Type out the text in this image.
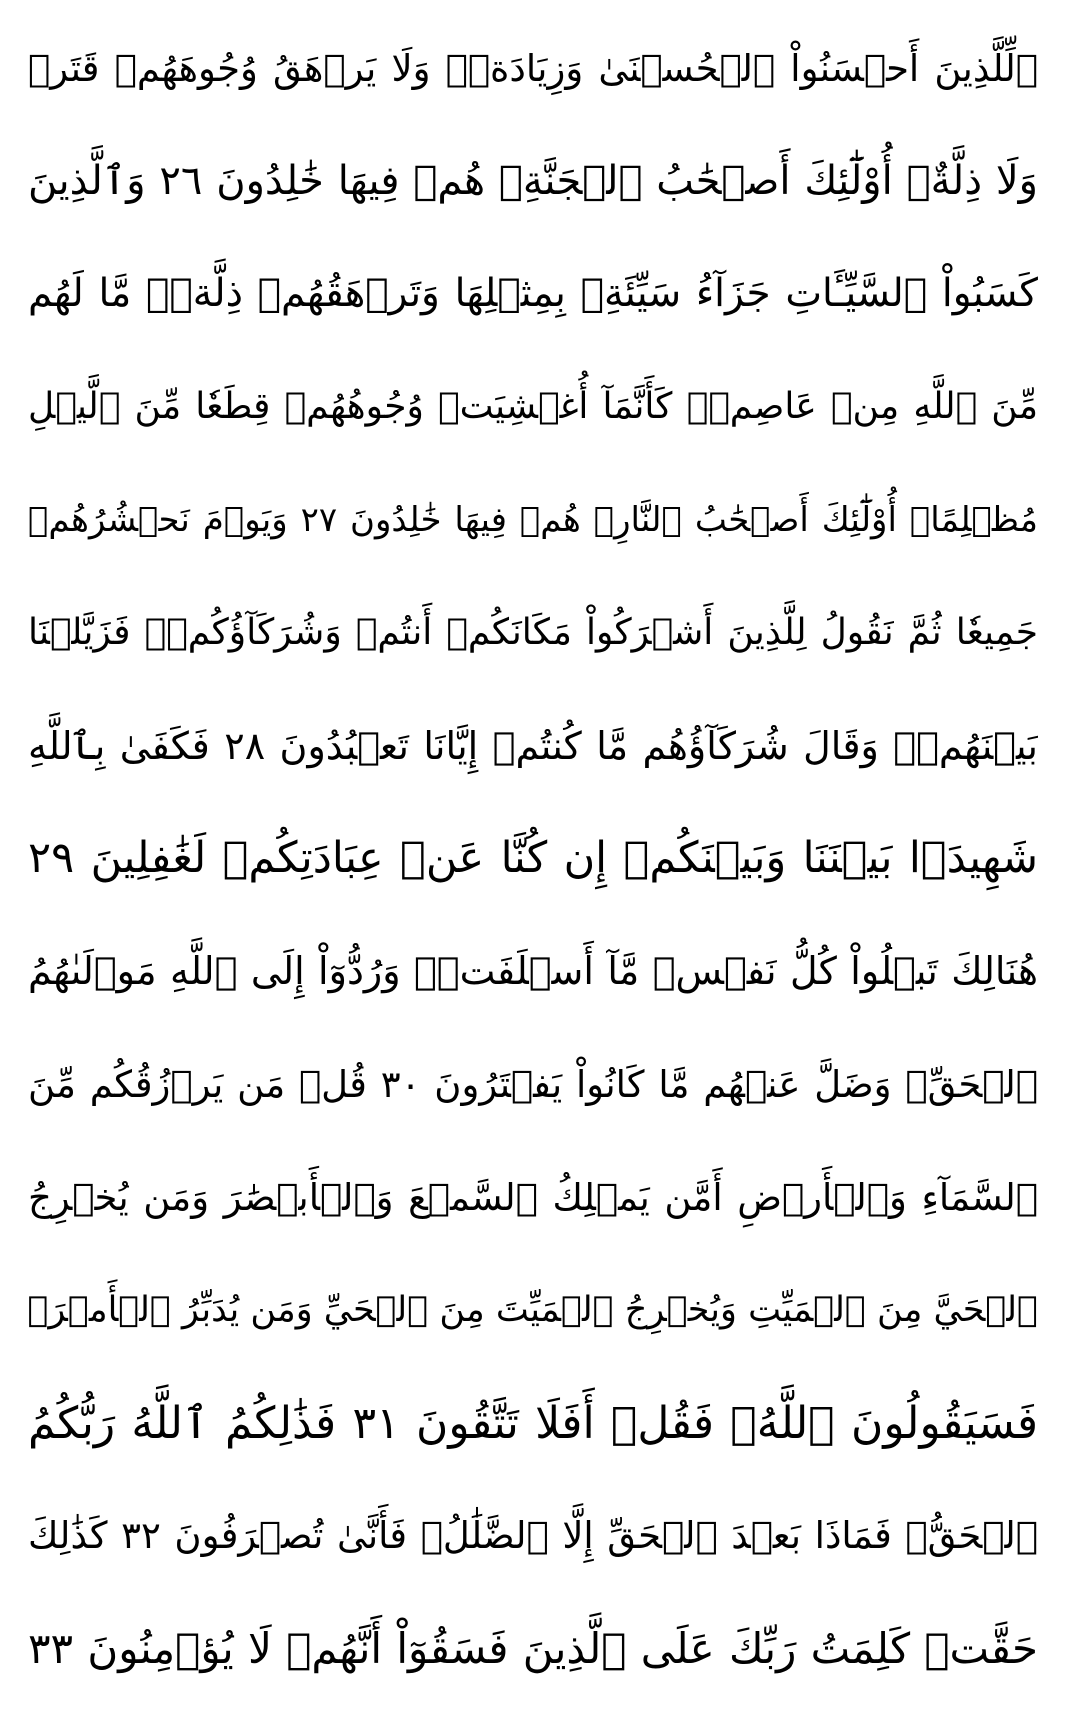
۞لِّلَّذِينَ أَحۡسَنُواْ ٱلۡحُسۡنَىٰ وَزِيَادَةٞۖ وَلَا يَرۡهَقُ وُجُوهَهُمۡ قَتَرٞ
وَلَا ذِلَّةٌۚ أُوْلَٰٓئِكَ أَصۡحَٰبُ ٱلۡجَنَّةِۖ هُمۡ فِيهَا خَٰلِدُونَ ٢٦ وَٱلَّذِينَ
كَسَبُواْ ٱلسَّيِّـَٔاتِ جَزَآءُ سَيِّئَةِۭ بِمِثۡلِهَا وَتَرۡهَقُهُمۡ ذِلَّةٞۖ مَّا لَهُم
مِّنَ ٱللَّهِ مِنۡ عَاصِمٖۖ كَأَنَّمَآ أُغۡشِيَتۡ وُجُوهُهُمۡ قِطَعٗا مِّنَ ٱلَّيۡلِ
مُظۡلِمًاۚ أُوْلَٰٓئِكَ أَصۡحَٰبُ ٱلنَّارِۖ هُمۡ فِيهَا خَٰلِدُونَ ٢٧ وَيَوۡمَ نَحۡشُرُهُمۡ
جَمِيعٗا ثُمَّ نَقُولُ لِلَّذِينَ أَشۡرَكُواْ مَكَانَكُمۡ أَنتُمۡ وَشُرَكَآؤُكُمۡۚ فَزَيَّلۡنَا
بَيۡنَهُمۡۖ وَقَالَ شُرَكَآؤُهُم مَّا كُنتُمۡ إِيَّانَا تَعۡبُدُونَ ٢٨ فَكَفَىٰ بِٱللَّهِ
شَهِيدَۢا بَيۡنَنَا وَبَيۡنَكُمۡ إِن كُنَّا عَنۡ عِبَادَتِكُمۡ لَغَٰفِلِينَ ٢٩
هُنَالِكَ تَبۡلُواْ كُلُّ نَفۡسٖ مَّآ أَسۡلَفَتۡۚ وَرُدُّوٓاْ إِلَى ٱللَّهِ مَوۡلَىٰهُمُ
ٱلۡحَقِّۖ وَضَلَّ عَنۡهُم مَّا كَانُواْ يَفۡتَرُونَ ٣٠ قُلۡ مَن يَرۡزُقُكُم مِّنَ
ٱلسَّمَآءِ وَٱلۡأَرۡضِ أَمَّن يَمۡلِكُ ٱلسَّمۡعَ وَٱلۡأَبۡصَٰرَ وَمَن يُخۡرِجُ
ٱلۡحَيَّ مِنَ ٱلۡمَيِّتِ وَيُخۡرِجُ ٱلۡمَيِّتَ مِنَ ٱلۡحَيِّ وَمَن يُدَبِّرُ ٱلۡأَمۡرَۚ
فَسَيَقُولُونَ ٱللَّهُۚ فَقُلۡ أَفَلَا تَتَّقُونَ ٣١ فَذَٰلِكُمُ ٱللَّهُ رَبُّكُمُ
ٱلۡحَقُّۖ فَمَاذَا بَعۡدَ ٱلۡحَقِّ إِلَّا ٱلضَّلَٰلُۖ فَأَنَّىٰ تُصۡرَفُونَ ٣٢ كَذَٰلِكَ
حَقَّتۡ كَلِمَتُ رَبِّكَ عَلَى ٱلَّذِينَ فَسَقُوٓاْ أَنَّهُمۡ لَا يُؤۡمِنُونَ ٣٣
